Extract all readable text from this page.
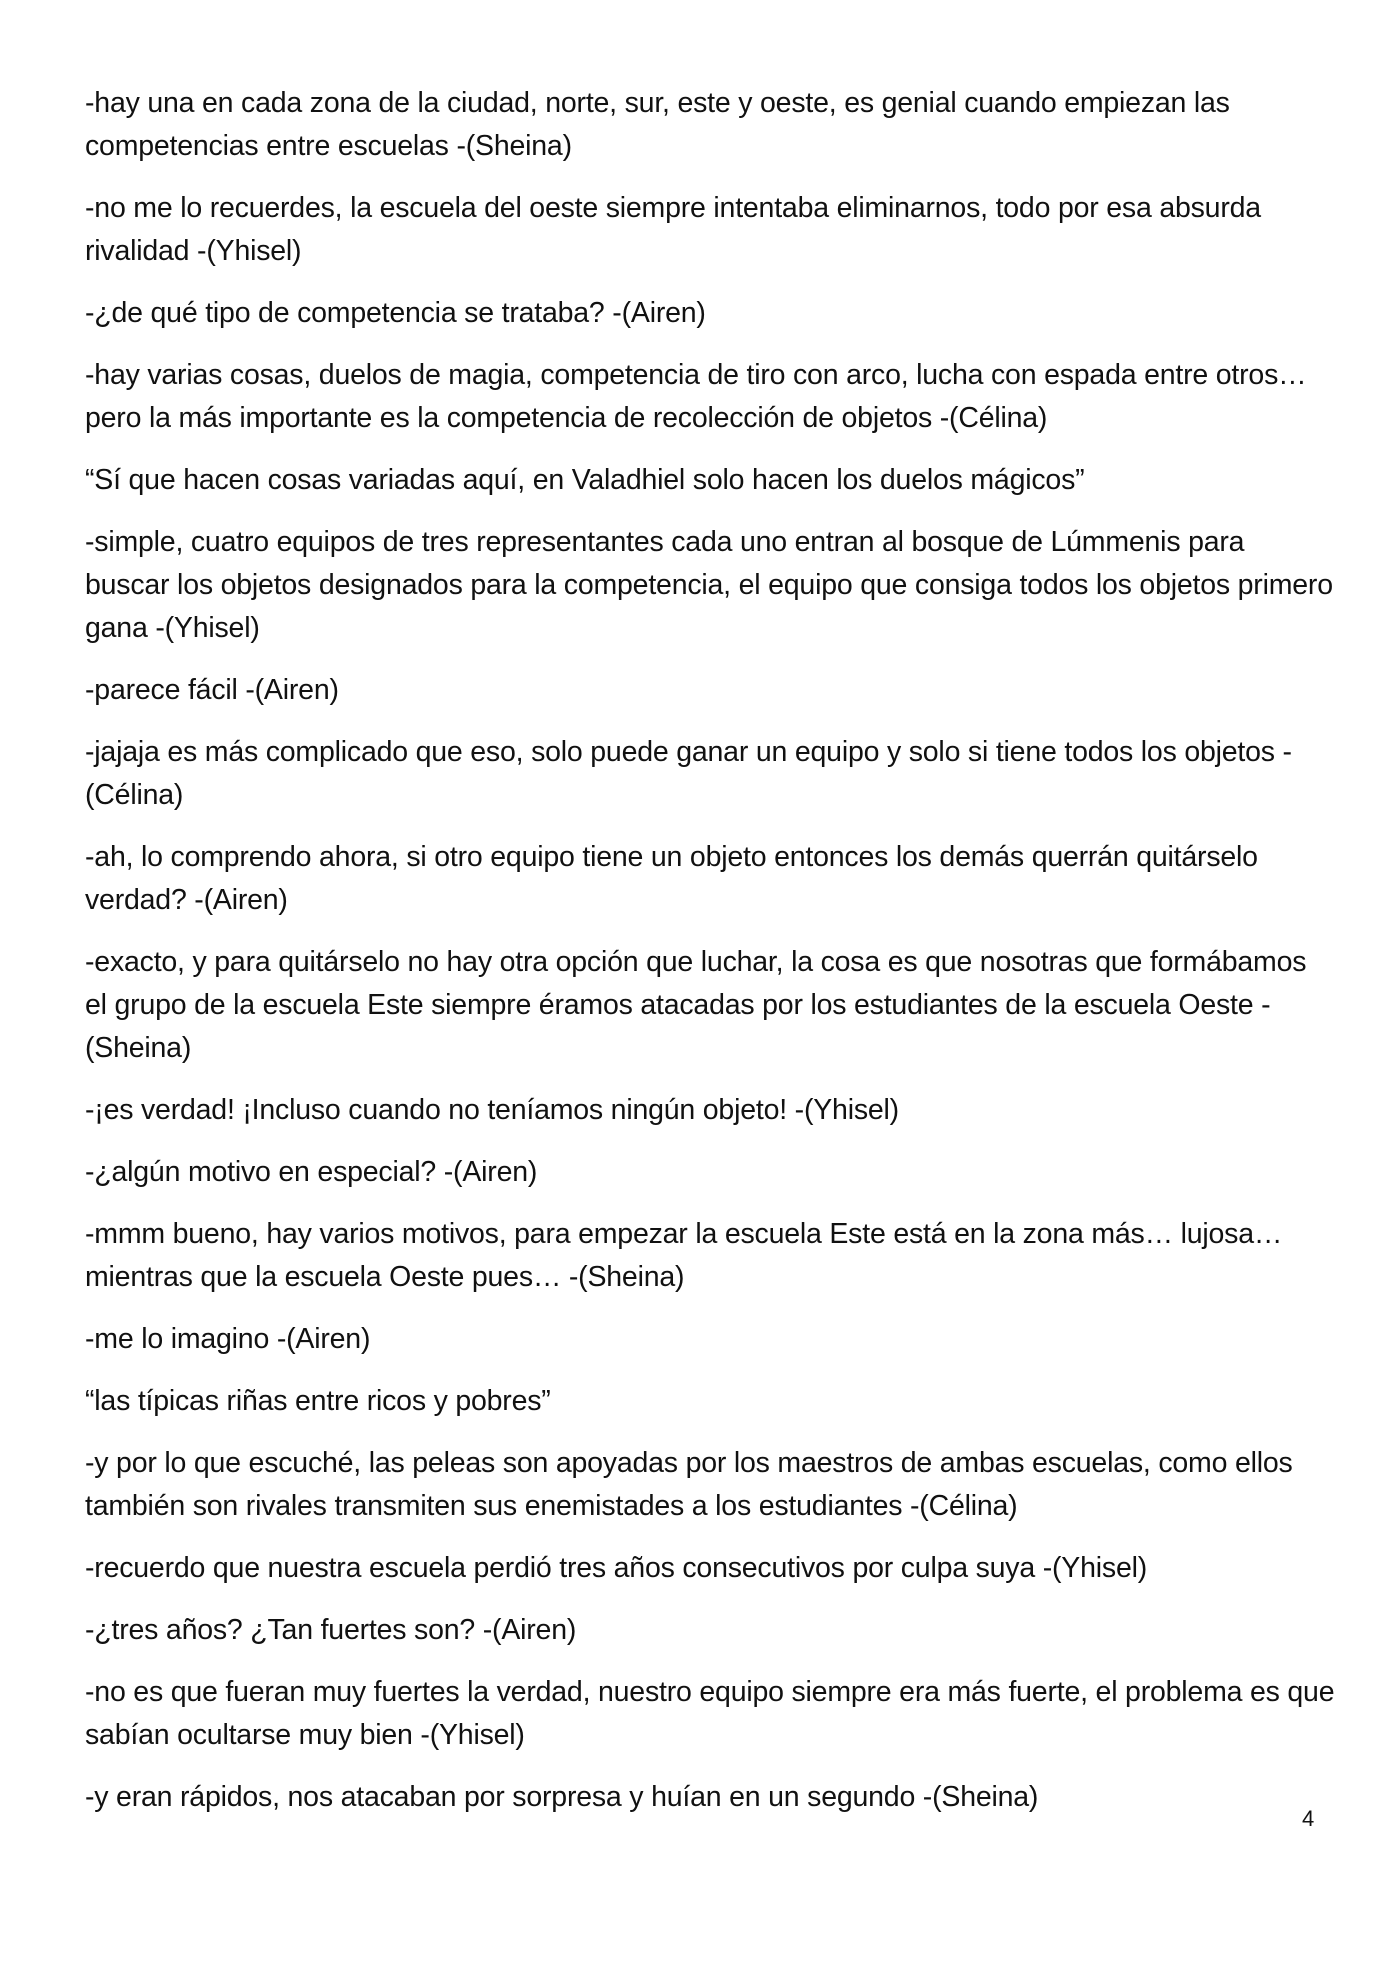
-hay una en cada zona de la ciudad, norte, sur, este y oeste, es genial cuando empiezan las competencias entre escuelas -(Sheina)

-no me lo recuerdes, la escuela del oeste siempre intentaba eliminarnos, todo por esa absurda rivalidad -(Yhisel)

-¿de qué tipo de competencia se trataba? -(Airen)

-hay varias cosas, duelos de magia, competencia de tiro con arco, lucha con espada entre otros… pero la más importante es la competencia de recolección de objetos -(Célina)

“Sí que hacen cosas variadas aquí, en Valadhiel solo hacen los duelos mágicos”

-simple, cuatro equipos de tres representantes cada uno entran al bosque de Lúmmenis para buscar los objetos designados para la competencia, el equipo que consiga todos los objetos primero gana -(Yhisel)

-parece fácil -(Airen)

-jajaja es más complicado que eso, solo puede ganar un equipo y solo si tiene todos los objetos -(Célina)

-ah, lo comprendo ahora, si otro equipo tiene un objeto entonces los demás querrán quitárselo verdad? -(Airen)

-exacto, y para quitárselo no hay otra opción que luchar, la cosa es que nosotras que formábamos el grupo de la escuela Este siempre éramos atacadas por los estudiantes de la escuela Oeste -(Sheina)

-¡es verdad! ¡Incluso cuando no teníamos ningún objeto! -(Yhisel)

-¿algún motivo en especial? -(Airen)

-mmm bueno, hay varios motivos, para empezar la escuela Este está en la zona más… lujosa… mientras que la escuela Oeste pues… -(Sheina)

-me lo imagino -(Airen)

“las típicas riñas entre ricos y pobres”

-y por lo que escuché, las peleas son apoyadas por los maestros de ambas escuelas, como ellos también son rivales transmiten sus enemistades a los estudiantes -(Célina)

-recuerdo que nuestra escuela perdió tres años consecutivos por culpa suya -(Yhisel)

-¿tres años? ¿Tan fuertes son? -(Airen)

-no es que fueran muy fuertes la verdad, nuestro equipo siempre era más fuerte, el problema es que sabían ocultarse muy bien -(Yhisel)

-y eran rápidos, nos atacaban por sorpresa y huían en un segundo -(Sheina)

4
